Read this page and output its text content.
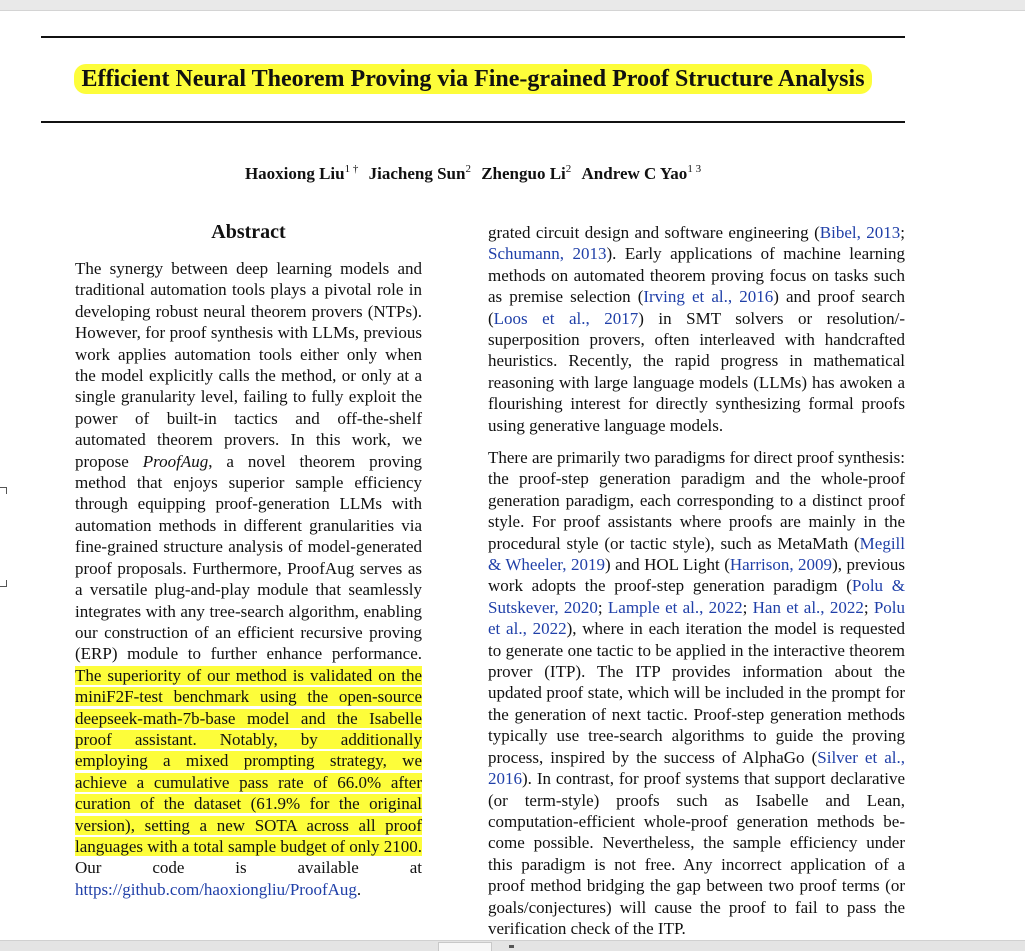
Efficient Neural Theorem Proving via Fine-grained Proof Structure Analysis
Haoxiong Liu$^{1 \dagger}$ Jiacheng Sun$^2$ Zhenguo Li$^2$ Andrew C Yao$^{1 3}$
Abstract

The synergy between deep learning models and traditional automation tools plays a pivotal role in developing robust neural theorem provers (NTPs). However, for proof synthesis with LLMs, previous work applies automation tools either only when the model explicitly calls the method, or only at a single granularity level, failing to fully exploit the power of built-in tactics and off-the-shelf automated theorem provers. In this work, we propose ProofAug, a novel theorem proving method that enjoys superior sample efficiency through equipping proof-generation LLMs with automation methods in different granularities via fine-grained structure analysis of model-generated proof proposals. Furthermore, ProofAug serves as a versatile plug-and-play module that seamlessly integrates with any tree-search algorithm, enabling our construction of an efficient recursive proving (ERP) module to further enhance performance. The superiority of our method is validated on the miniF2F-test benchmark using the open-source deepseek-math-7b-base model and the Isabelle proof assistant. Notably, by additionally employing a mixed prompting strategy, we achieve a cumulative pass rate of 66.0% after curation of the dataset (61.9% for the original version), setting a new SOTA across all proof languages with a total sample budget of only 2100. Our code is available at https://github.com/haoxiongliu/ProofAug.

grated circuit design and software engineering (Bibel, 2013; Schumann, 2013). Early applications of machine learning methods on automated theorem proving focus on tasks such as premise selection (Irving et al., 2016) and proof search (Loos et al., 2017) in SMT solvers or resolution/-superposition provers, often interleaved with handcrafted heuristics. Recently, the rapid progress in mathematical reasoning with large language models (LLMs) has awoken a flourishing interest for directly synthesizing formal proofs using generative language models.

There are primarily two paradigms for direct proof synthesis: the proof-step generation paradigm and the whole-proof generation paradigm, each corresponding to a distinct proof style. For proof assistants where proofs are mainly in the procedural style (or tactic style), such as MetaMath (Megill & Wheeler, 2019) and HOL Light (Harrison, 2009), previous work adopts the proof-step generation paradigm (Polu & Sutskever, 2020; Lample et al., 2022; Han et al., 2022; Polu et al., 2022), where in each iteration the model is requested to generate one tactic to be applied in the interactive theorem prover (ITP). The ITP provides information about the updated proof state, which will be included in the prompt for the generation of next tactic. Proof-step generation methods typically use tree-search algorithms to guide the proving process, inspired by the success of AlphaGo (Silver et al., 2016). In contrast, for proof systems that support declarative (or term-style) proofs such as Isabelle and Lean, computation-efficient whole-proof generation methods become possible. Nevertheless, the sample efficiency under this paradigm is not free. Any incorrect application of a proof method bridging the gap between two proof terms (or goals/conjectures) will cause the proof to fail to pass the verification check of the ITP.
